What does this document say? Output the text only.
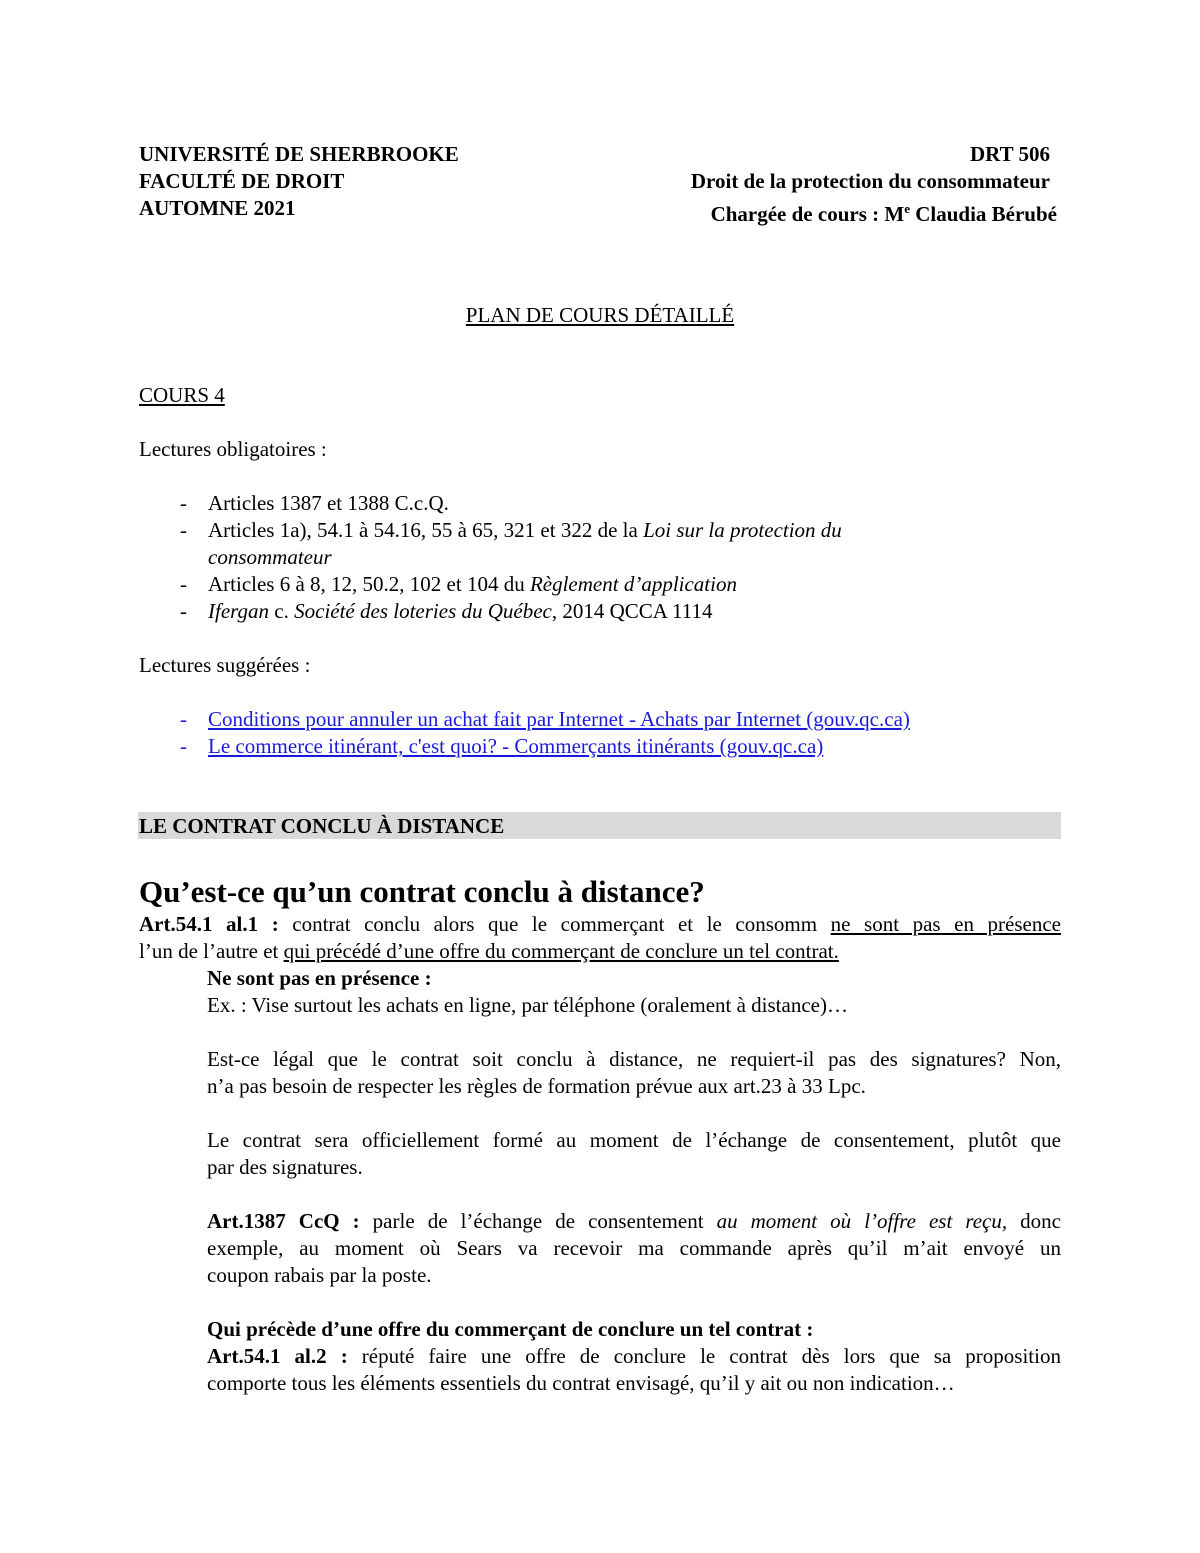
UNIVERSITÉ DE SHERBROOKE
FACULTÉ DE DROIT
AUTOMNE 2021
DRT 506
Droit de la protection du consommateur
Chargée de cours : Me Claudia Bérubé
PLAN DE COURS DÉTAILLÉ
COURS 4
Lectures obligatoires :
- Articles 1387 et 1388 C.c.Q.
- Articles 1a), 54.1 à 54.16, 55 à 65, 321 et 322 de la Loi sur la protection du
consommateur
- Articles 6 à 8, 12, 50.2, 102 et 104 du Règlement d’application
- Ifergan c. Société des loteries du Québec, 2014 QCCA 1114
Lectures suggérées :
- Conditions pour annuler un achat fait par Internet - Achats par Internet (gouv.qc.ca)
- Le commerce itinérant, c'est quoi? - Commerçants itinérants (gouv.qc.ca)
LE CONTRAT CONCLU À DISTANCE
Qu’est-ce qu’un contrat conclu à distance?
Art.54.1 al.1 : contrat conclu alors que le commerçant et le consomm ne sont pas en présence
l’un de l’autre et qui précédé d’une offre du commerçant de conclure un tel contrat.
Ne sont pas en présence :
Ex. : Vise surtout les achats en ligne, par téléphone (oralement à distance)…
Est-ce légal que le contrat soit conclu à distance, ne requiert-il pas des signatures? Non,
n’a pas besoin de respecter les règles de formation prévue aux art.23 à 33 Lpc.
Le contrat sera officiellement formé au moment de l’échange de consentement, plutôt que
par des signatures.
Art.1387 CcQ : parle de l’échange de consentement au moment où l’offre est reçu, donc
exemple, au moment où Sears va recevoir ma commande après qu’il m’ait envoyé un
coupon rabais par la poste.
Qui précède d’une offre du commerçant de conclure un tel contrat :
Art.54.1 al.2 : réputé faire une offre de conclure le contrat dès lors que sa proposition
comporte tous les éléments essentiels du contrat envisagé, qu’il y ait ou non indication…
